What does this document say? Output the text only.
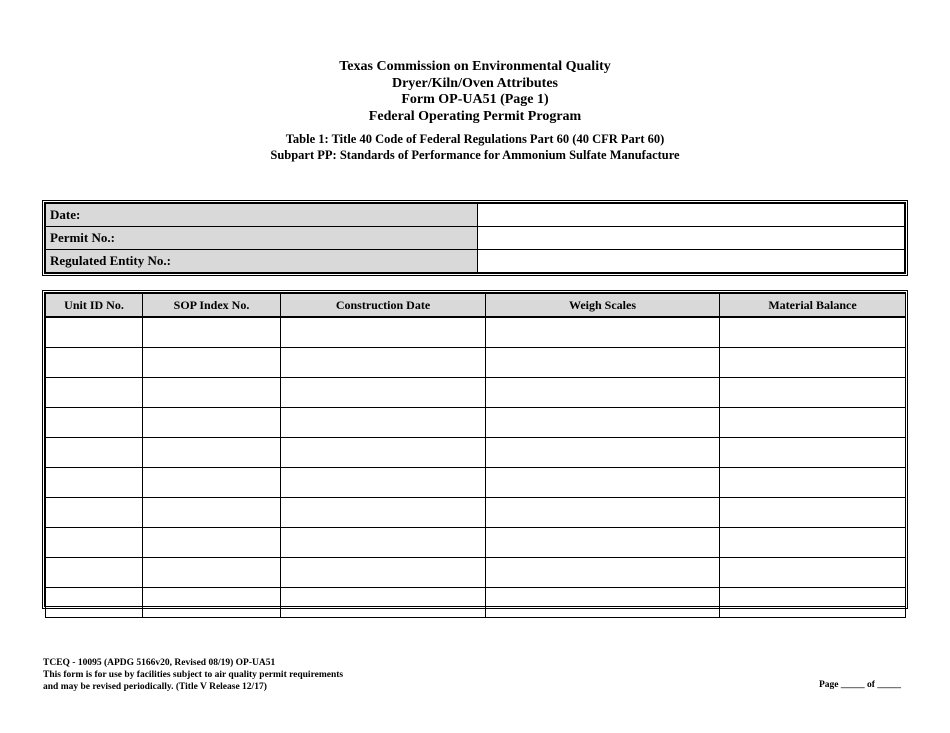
Texas Commission on Environmental Quality
Dryer/Kiln/Oven Attributes
Form OP-UA51 (Page 1)
Federal Operating Permit Program
Table 1: Title 40 Code of Federal Regulations Part 60 (40 CFR Part 60)
Subpart PP: Standards of Performance for Ammonium Sulfate Manufacture
Date:	
Permit No.:	
Regulated Entity No.:	
Unit ID No.	SOP Index No.	Construction Date	Weigh Scales	Material Balance

TCEQ - 10095 (APDG 5166v20, Revised 08/19) OP-UA51
This form is for use by facilities subject to air quality permit requirements
and may be revised periodically. (Title V Release 12/17)	Page _____ of _____
